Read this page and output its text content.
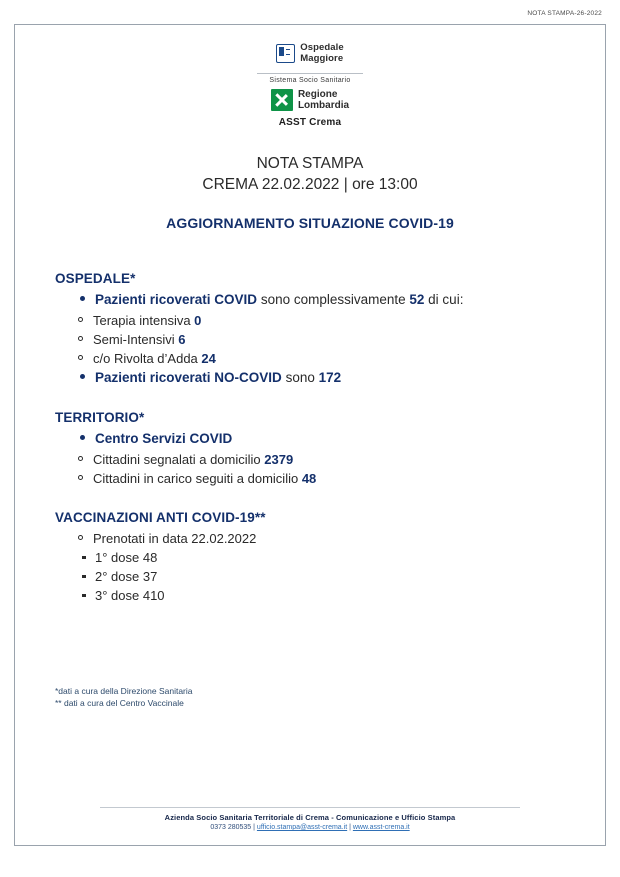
NOTA STAMPA-26-2022
Ospedale
Maggiore
Sistema Socio Sanitario
Regione
Lombardia
ASST Crema
NOTA STAMPA
CREMA 22.02.2022 | ore 13:00
AGGIORNAMENTO SITUAZIONE COVID-19
OSPEDALE*
Pazienti ricoverati COVID sono complessivamente 52 di cui:
Terapia intensiva 0
Semi-Intensivi 6
c/o Rivolta d’Adda 24
Pazienti ricoverati NO-COVID sono 172
TERRITORIO*
Centro Servizi COVID
Cittadini segnalati a domicilio 2379
Cittadini in carico seguiti a domicilio 48
VACCINAZIONI ANTI COVID-19**
Prenotati in data 22.02.2022
1° dose 48
2° dose 37
3° dose 410
*dati a cura della Direzione Sanitaria
** dati a cura del Centro Vaccinale
Azienda Socio Sanitaria Territoriale di Crema - Comunicazione e Ufficio Stampa
0373 280535 | ufficio.stampa@asst-crema.it | www.asst-crema.it
